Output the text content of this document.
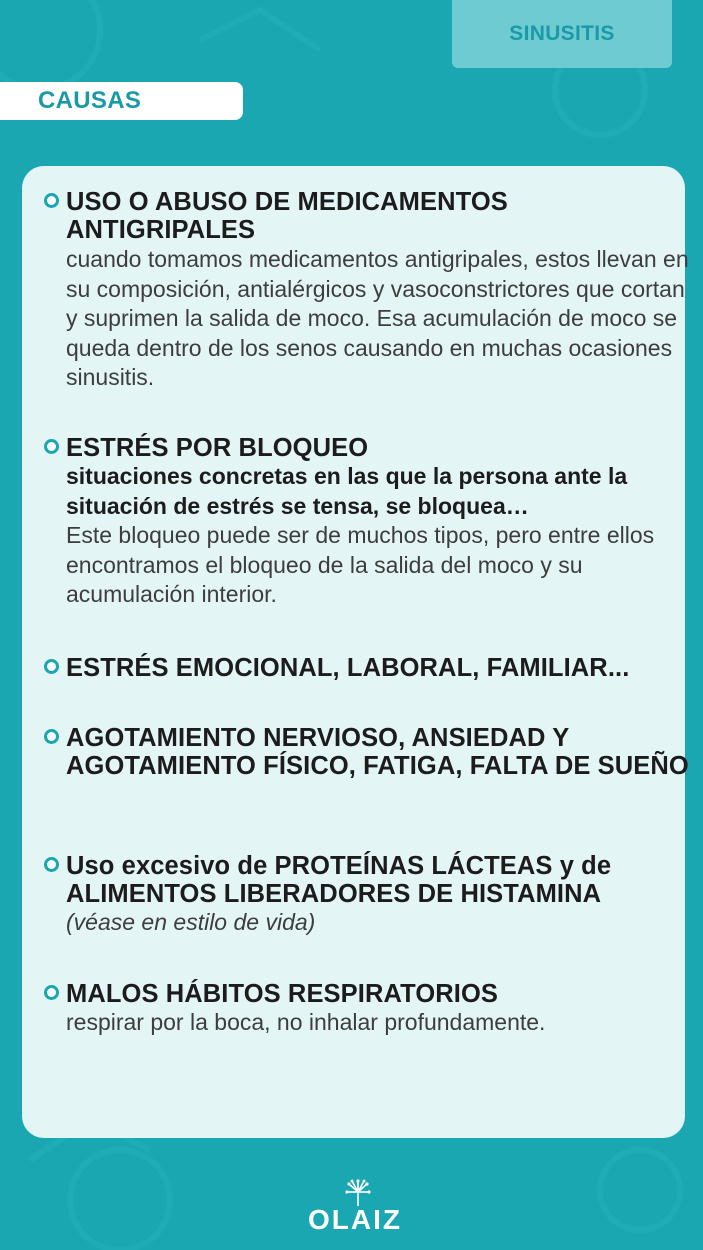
SINUSITIS
CAUSAS
USO O ABUSO DE MEDICAMENTOS ANTIGRIPALES
cuando tomamos medicamentos antigripales, estos llevan en su composición, antialérgicos y vasoconstrictores que cortan y suprimen la salida de moco. Esa acumulación de moco se queda dentro de los senos causando en muchas ocasiones sinusitis.
ESTRÉS POR BLOQUEO
situaciones concretas en las que la persona ante la situación de estrés se tensa, se bloquea…
Este bloqueo puede ser de muchos tipos, pero entre ellos encontramos el bloqueo de la salida del moco y su acumulación interior.
ESTRÉS EMOCIONAL, LABORAL, FAMILIAR...
AGOTAMIENTO NERVIOSO, ANSIEDAD Y AGOTAMIENTO FÍSICO, FATIGA, FALTA DE SUEÑO
Uso excesivo de PROTEÍNAS LÁCTEAS y de ALIMENTOS LIBERADORES DE HISTAMINA
(véase en estilo de vida)
MALOS HÁBITOS RESPIRATORIOS
respirar por la boca, no inhalar profundamente.
OLAIZ
